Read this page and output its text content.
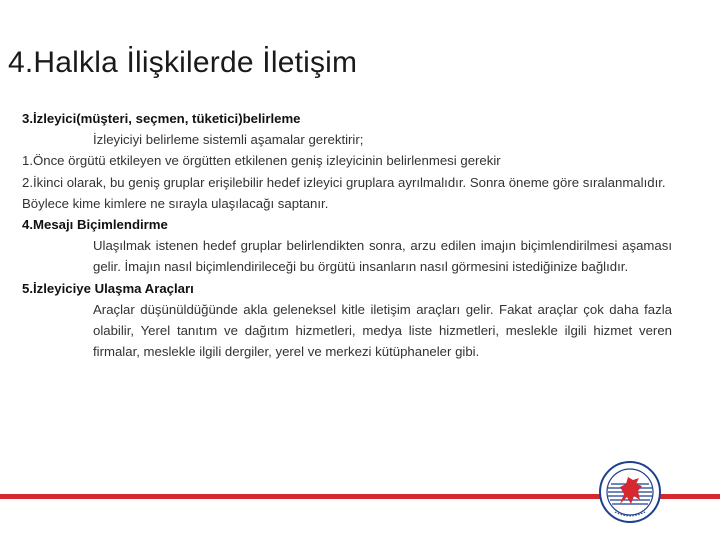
4.Halkla İlişkilerde İletişim

3.İzleyici(müşteri, seçmen, tüketici)belirleme

İzleyiciyi belirleme sistemli aşamalar gerektirir;

1.Önce örgütü etkileyen ve örgütten etkilenen geniş izleyicinin belirlenmesi gerekir

2.İkinci olarak, bu geniş gruplar erişilebilir hedef izleyici gruplara ayrılmalıdır. Sonra öneme göre sıralanmalıdır.

Böylece kime kimlere ne sırayla ulaşılacağı saptanır.

4.Mesajı Biçimlendirme

Ulaşılmak istenen hedef gruplar belirlendikten sonra, arzu edilen imajın biçimlendirilmesi aşaması gelir. İmajın nasıl biçimlendirileceği bu örgütü insanların nasıl görmesini istediğinize bağlıdır.

5.İzleyiciye Ulaşma Araçları

Araçlar düşünüldüğünde akla geleneksel kitle iletişim araçları gelir. Fakat araçlar çok daha fazla olabilir, Yerel tanıtım ve dağıtım hizmetleri, medya liste hizmetleri, meslekle ilgili hizmet veren firmalar, meslekle ilgili dergiler, yerel ve merkezi kütüphaneler gibi.
